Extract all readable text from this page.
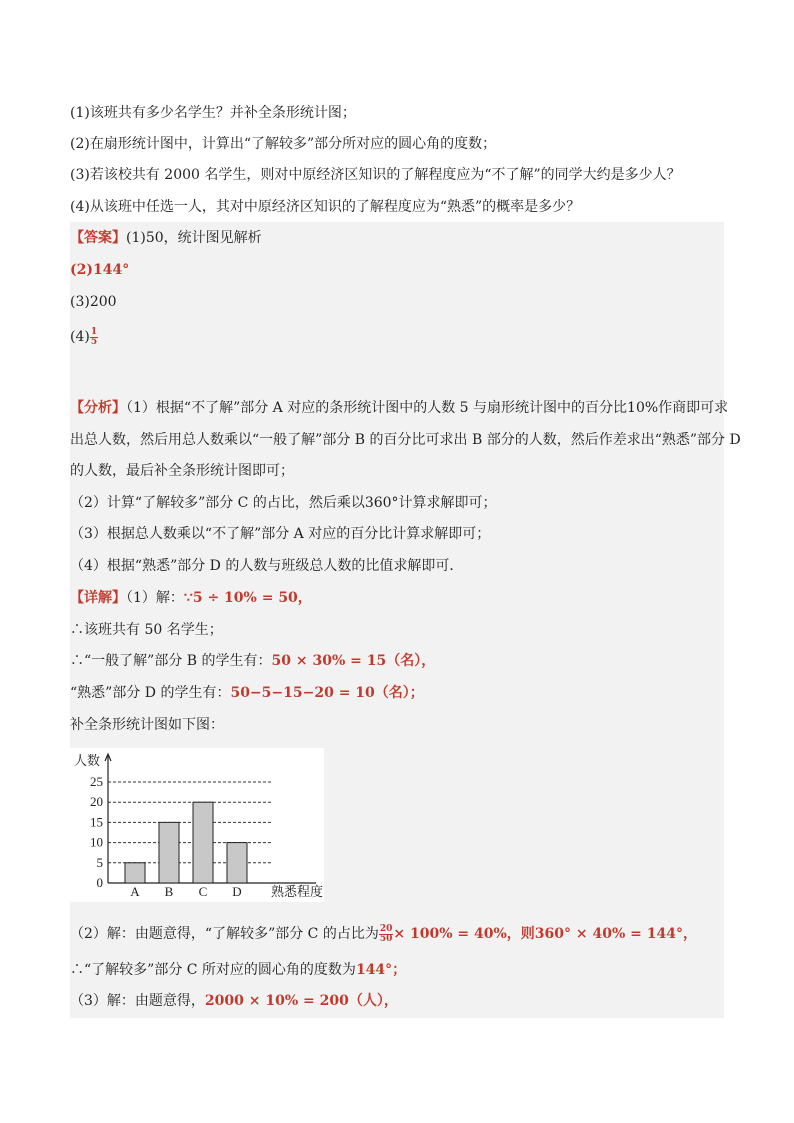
(1)该班共有多少名学生？并补全条形统计图；
(2)在扇形统计图中，计算出“了解较多”部分所对应的圆心角的度数；
(3)若该校共有 2000 名学生，则对中原经济区知识的了解程度应为“不了解”的同学大约是多少人？
(4)从该班中任选一人，其对中原经济区知识的了解程度应为“熟悉”的概率是多少？
【答案】(1)50，统计图见解析
(2)144°
(3)200
$(4) \frac{1}{5}$
【分析】（1）根据“不了解”部分 A 对应的条形统计图中的人数 5 与扇形统计图中的百分比10%作商即可求
出总人数，然后用总人数乘以“一般了解”部分 B 的百分比可求出 B 部分的人数，然后作差求出“熟悉”部分 D
的人数，最后补全条形统计图即可；
（2）计算“了解较多”部分 C 的占比，然后乘以360°计算求解即可；
（3）根据总人数乘以“不了解”部分 A 对应的百分比计算求解即可；
（4）根据“熟悉”部分 D 的人数与班级总人数的比值求解即可．
【详解】（1）解：∵5 ÷ 10% = 50，
∴该班共有 50 名学生；
∴“一般了解”部分 B 的学生有：50 × 30% = 15（名），
“熟悉”部分 D 的学生有：50−5−15−20 = 10（名）；
补全条形统计图如下图：
0
5
10
15
20
25
人数
A B C D 熟悉程度
（2）解：由题意得，“了解较多”部分 C 的占比为 $\frac{20}{50} \times 100\% = 40\%$，则360° × 40% = 144°，
∴“了解较多”部分 C 所对应的圆心角的度数为144°；
（3）解：由题意得，2000 × 10% = 200（人），
